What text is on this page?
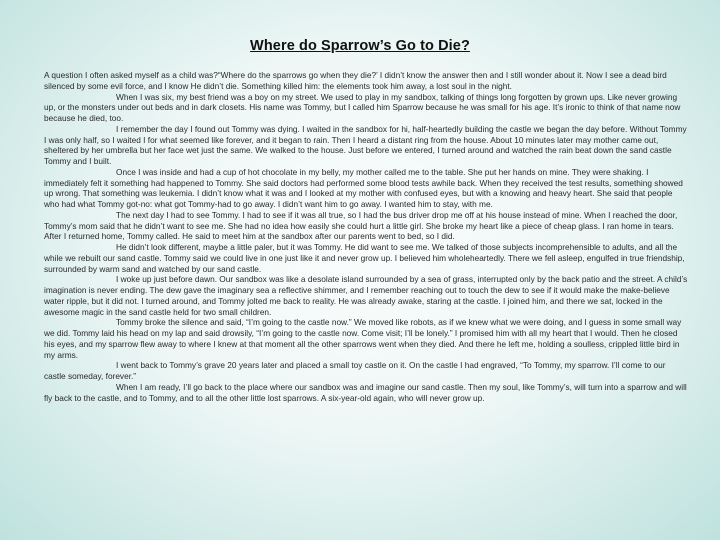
Where do Sparrow’s Go to Die?

A question I often asked myself as a child was?“Where do the sparrows go when they die?’ I didn’t know the answer then and I still wonder about it. Now I see a dead bird silenced by some evil force, and I know He didn’t die. Something killed him: the elements took him away, a lost soul in the night.

When I was six, my best friend was a boy on my street. We used to play in my sandbox, talking of things long forgotten by grown ups. Like never growing up, or the monsters under out beds and in dark closets. His name was Tommy, but I called him Sparrow because he was small for his age. It’s ironic to think of that name now because he died, too.

I remember the day I found out Tommy was dying. I waited in the sandbox for hi, half-heartedly building the castle we began the day before. Without Tommy I was only half, so I waited I for what seemed like forever, and it began to rain. Then I heard a distant ring from the house. About 10 minutes later may mother came out, sheltered by her umbrella but her face wet just the same. We walked to the house. Just before we entered, I turned around and watched the rain beat down the sand castle Tommy and I built.

Once I was inside and had a cup of hot chocolate in my belly, my mother called me to the table. She put her hands on mine. They were shaking. I immediately felt it something had happened to Tommy. She said doctors had performed some blood tests awhile back. When they received the test results, something showed up wrong. That something was leukemia. I didn’t know what it was and I looked at my mother with confused eyes, but with a knowing and heavy heart. She said that people who had what Tommy got-no: what got Tommy-had to go away. I didn’t want him to go away. I wanted him to stay, with me.

The next day I had to see Tommy. I had to see if it was all true, so I had the bus driver drop me off at his house instead of mine. When I reached the door, Tommy’s mom said that he didn’t want to see me. She had no idea how easily she could hurt a little girl. She broke my heart like a piece of cheap glass. I ran home in tears. After I returned home, Tommy called. He said to meet him at the sandbox after our parents went to bed, so I did.

He didn’t look different, maybe a little paler, but it was Tommy. He did want to see me. We talked of those subjects incomprehensible to adults, and all the while we rebuilt our sand castle. Tommy said we could live in one just like it and never grow up. I believed him wholeheartedly. There we fell asleep, engulfed in true friendship, surrounded by warm sand and watched by our sand castle.

I woke up just before dawn. Our sandbox was like a desolate island surrounded by a sea of grass, interrupted only by the back patio and the street. A child’s imagination is never ending. The dew gave the imaginary sea a reflective shimmer, and I remember reaching out to touch the dew to see if it would make the make-believe water ripple, but it did not. I turned around, and Tommy jolted me back to reality. He was already awake, staring at the castle. I joined him, and there we sat, locked in the awesome magic in the sand castle held for two small children.

Tommy broke the silence and said, “I’m going to the castle now.” We moved like robots, as if we knew what we were doing, and I guess in some small way we did. Tommy laid his head on my lap and said drowsily, “I’m going to the castle now. Come visit; I’ll be lonely.” I promised him with all my heart that I would. Then he closed his eyes, and my sparrow flew away to where I knew at that moment all the other sparrows went when they died. And there he left me, holding a soulless, crippled little bird in my arms.

I went back to Tommy’s grave 20 years later and placed a small toy castle on it. On the castle I had engraved, “To Tommy, my sparrow. I’ll come to our castle someday, forever.”

When I am ready, I’ll go back to the place where our sandbox was and imagine our sand castle. Then my soul, like Tommy’s, will turn into a sparrow and will fly back to the castle, and to Tommy, and to all the other little lost sparrows. A six-year-old again, who will never grow up.
